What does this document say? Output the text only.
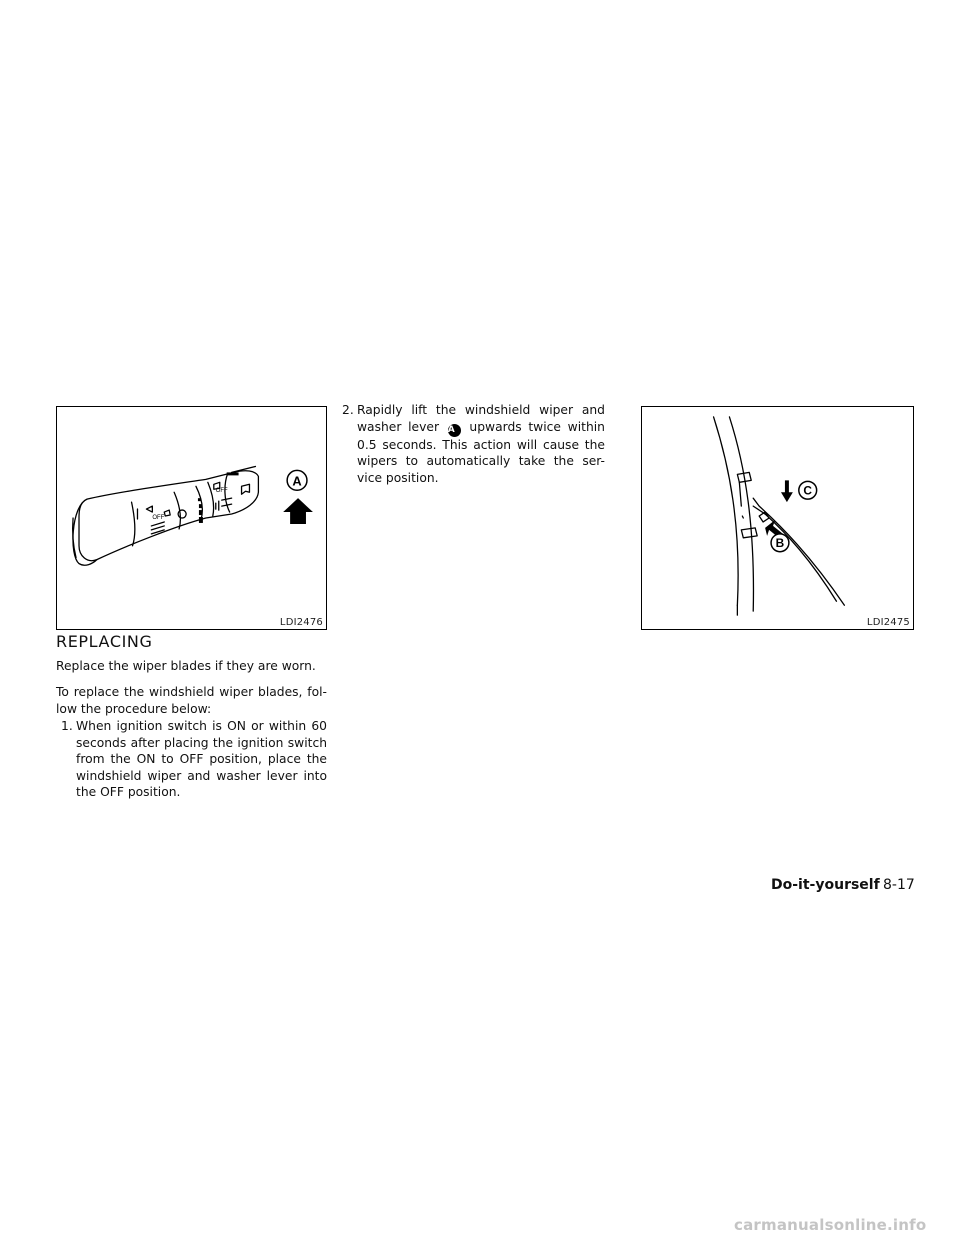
OFF
OFF
A
LDI2476
C
B
LDI2475
REPLACING
Replace the wiper blades if they are worn.
To replace the windshield wiper blades, fol-low the procedure below:
1. When ignition switch is ON or within 60 seconds after placing the ignition switch from the ON to OFF position, place the windshield wiper and washer lever into the OFF position.
2. Rapidly lift the windshield wiper and washer lever A upwards twice within 0.5 seconds. This action will cause the wipers to automatically take the ser-vice position.
Do-it-yourself 8-17
carmanualsonline.info
